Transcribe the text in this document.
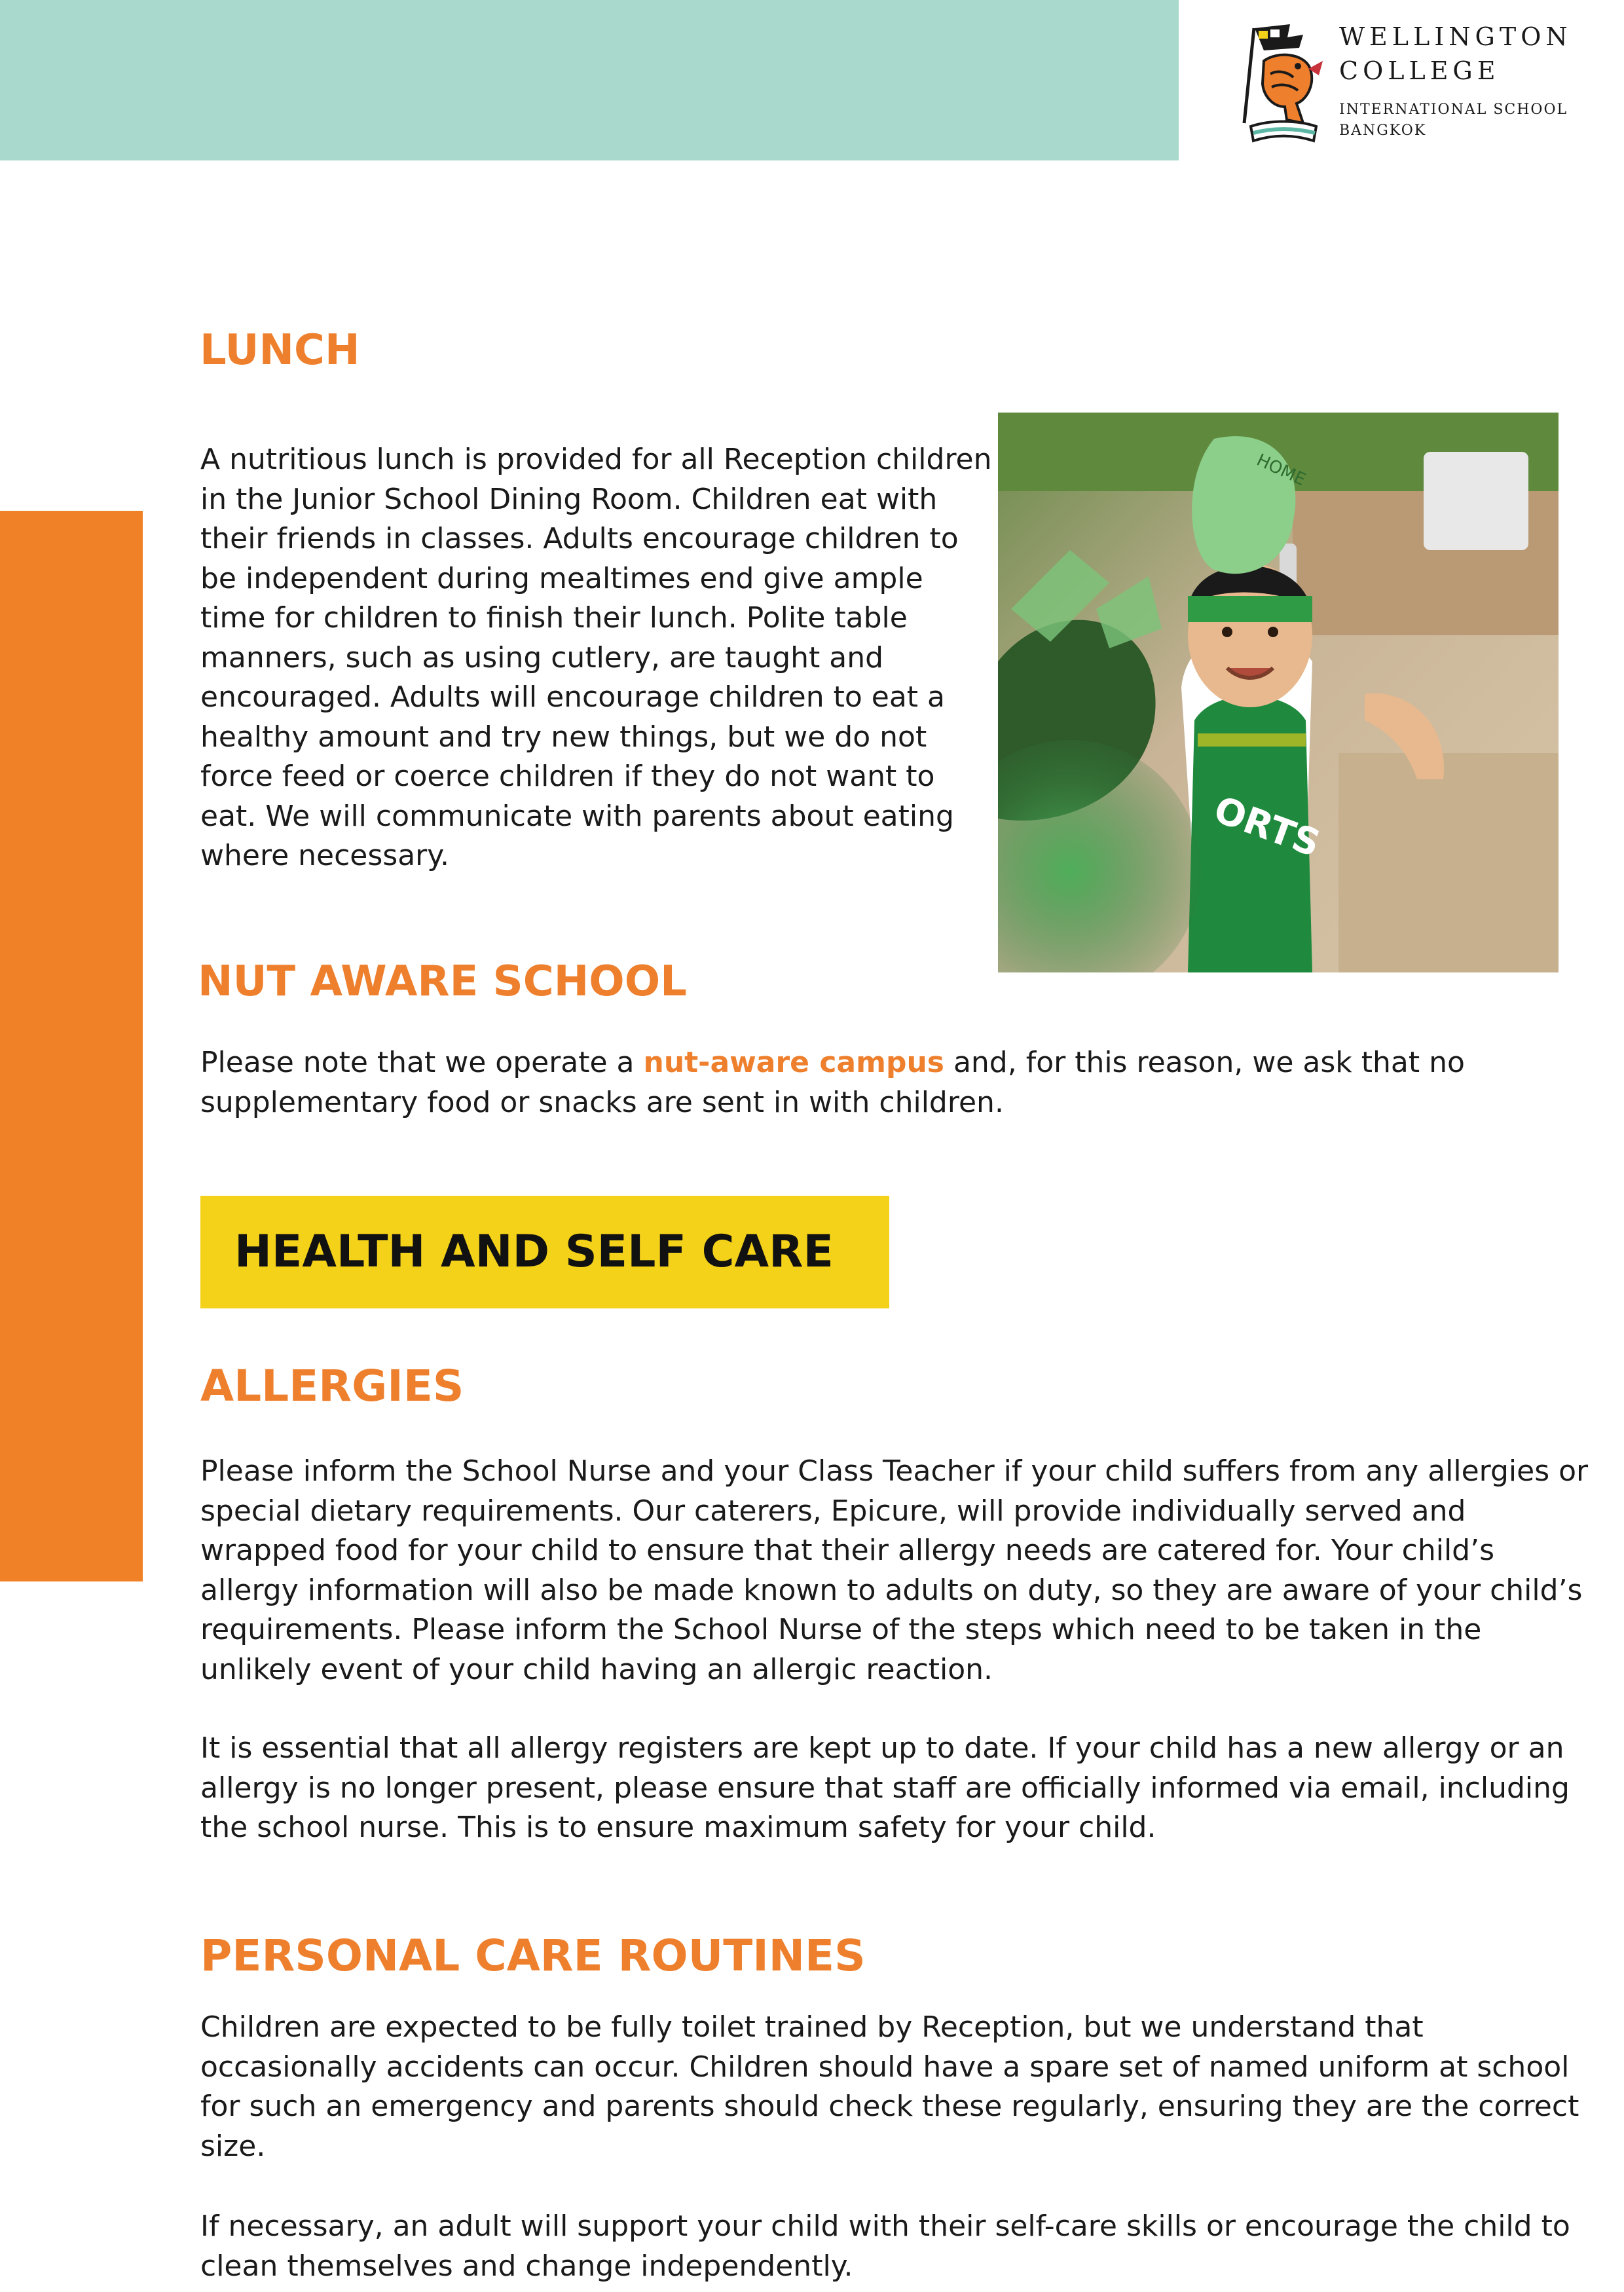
WELLINGTON
COLLEGE
INTERNATIONAL SCHOOL
BANGKOK
LUNCH

A nutritious lunch is provided for all Reception children in the Junior School Dining Room. Children eat with their friends in classes. Adults encourage children to be independent during mealtimes end give ample time for children to finish their lunch. Polite table manners, such as using cutlery, are taught and encouraged. Adults will encourage children to eat a healthy amount and try new things, but we do not force feed or coerce children if they do not want to eat. We will communicate with parents about eating where necessary.	ORTS
HOME
NUT AWARE SCHOOL

Please note that we operate a nut-aware campus and, for this reason, we ask that no supplementary food or snacks are sent in with children.

HEALTH AND SELF CARE
ALLERGIES

Please inform the School Nurse and your Class Teacher if your child suffers from any allergies or special dietary requirements. Our caterers, Epicure, will provide individually served and wrapped food for your child to ensure that their allergy needs are catered for. Your child’s allergy information will also be made known to adults on duty, so they are aware of your child’s requirements. Please inform the School Nurse of the steps which need to be taken in the unlikely event of your child having an allergic reaction.

It is essential that all allergy registers are kept up to date. If your child has a new allergy or an allergy is no longer present, please ensure that staff are officially informed via email, including the school nurse. This is to ensure maximum safety for your child.

PERSONAL CARE ROUTINES

Children are expected to be fully toilet trained by Reception, but we understand that occasionally accidents can occur. Children should have a spare set of named uniform at school for such an emergency and parents should check these regularly, ensuring they are the correct size.

If necessary, an adult will support your child with their self-care skills or encourage the child to clean themselves and change independently.
